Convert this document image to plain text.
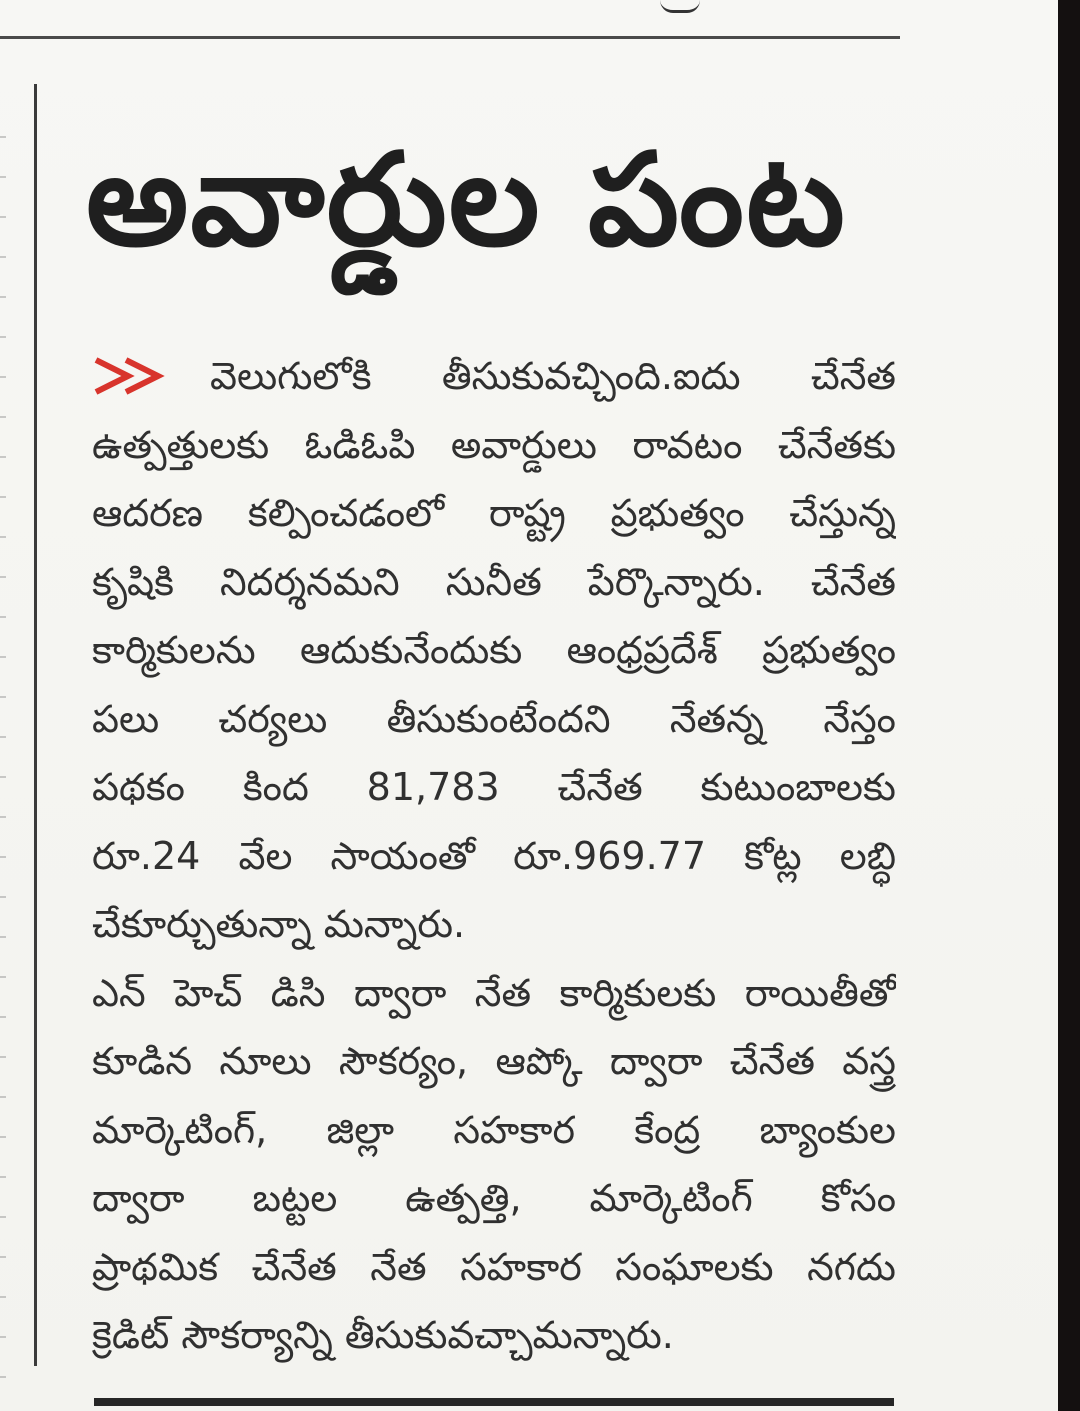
అవార్డుల పంట
వెలుగులోకి తీసుకువచ్చింది.ఐదు చేనేత
ఉత్పత్తులకు ఓడిఓపి అవార్డులు రావటం చేనేతకు
ఆదరణ కల్పించడంలో రాష్ట్ర ప్రభుత్వం చేస్తున్న
కృషికి నిదర్శనమని సునీత పేర్కొన్నారు. చేనేత
కార్మికులను ఆదుకునేందుకు ఆంధ్రప్రదేశ్ ప్రభుత్వం
పలు చర్యలు తీసుకుంటేందని నేతన్న నేస్తం
పథకం కింద 81,783 చేనేత కుటుంబాలకు
రూ.24 వేల సాయంతో రూ.969.77 కోట్ల లబ్ధి
చేకూర్చుతున్నా మన్నారు.
ఎన్ హెచ్ డిసి ద్వారా నేత కార్మికులకు రాయితీతో
కూడిన నూలు సౌకర్యం, ఆప్కో ద్వారా చేనేత వస్త్ర
మార్కెటింగ్, జిల్లా సహకార కేంద్ర బ్యాంకుల
ద్వారా బట్టల ఉత్పత్తి, మార్కెటింగ్ కోసం
ప్రాథమిక చేనేత నేత సహకార సంఘాలకు నగదు
క్రెడిట్ సౌకర్యాన్ని తీసుకువచ్చామన్నారు.
